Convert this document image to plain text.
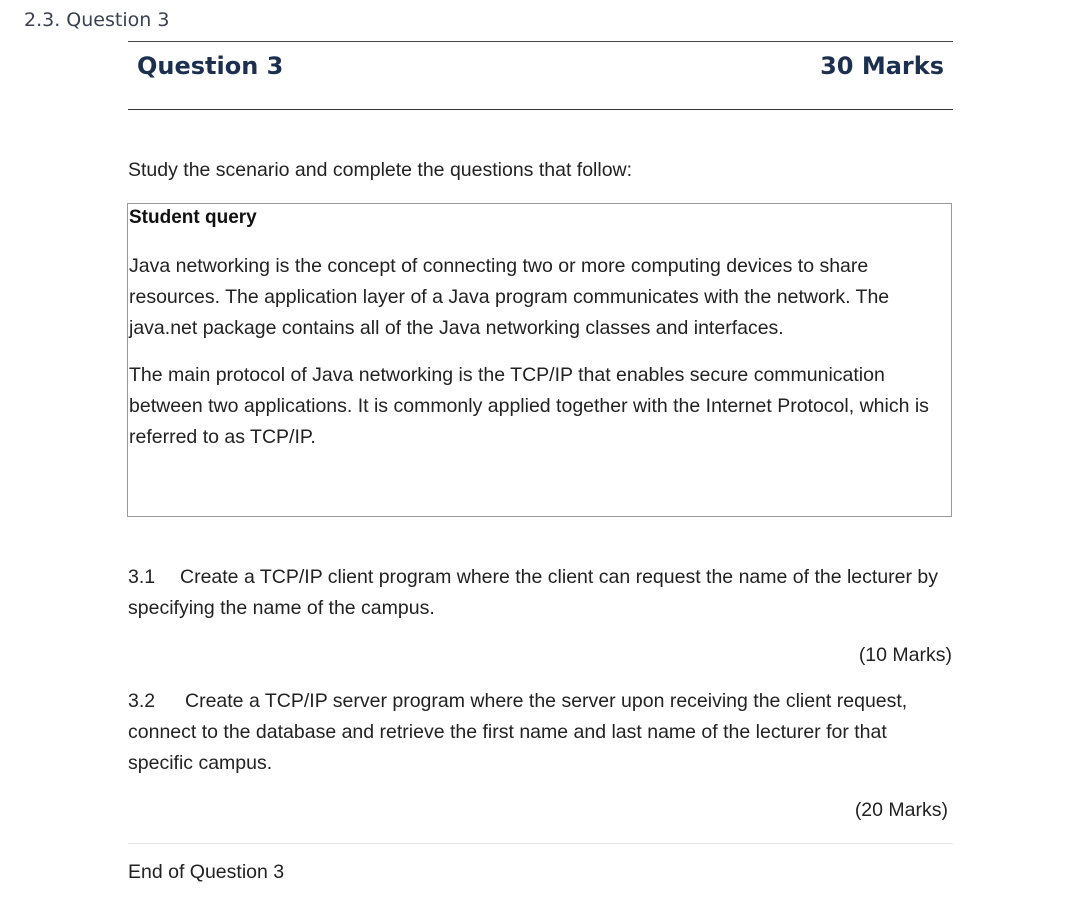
2.3. Question 3
Question 3	30 Marks
Study the scenario and complete the questions that follow:
Student query
Java networking is the concept of connecting two or more computing devices to share
resources. The application layer of a Java program communicates with the network. The
java.net package contains all of the Java networking classes and interfaces.
The main protocol of Java networking is the TCP/IP that enables secure communication
between two applications. It is commonly applied together with the Internet Protocol, which is
referred to as TCP/IP.
3.1 Create a TCP/IP client program where the client can request the name of the lecturer by
specifying the name of the campus.
(10 Marks)
3.2 Create a TCP/IP server program where the server upon receiving the client request,
connect to the database and retrieve the first name and last name of the lecturer for that
specific campus.
(20 Marks)
End of Question 3
